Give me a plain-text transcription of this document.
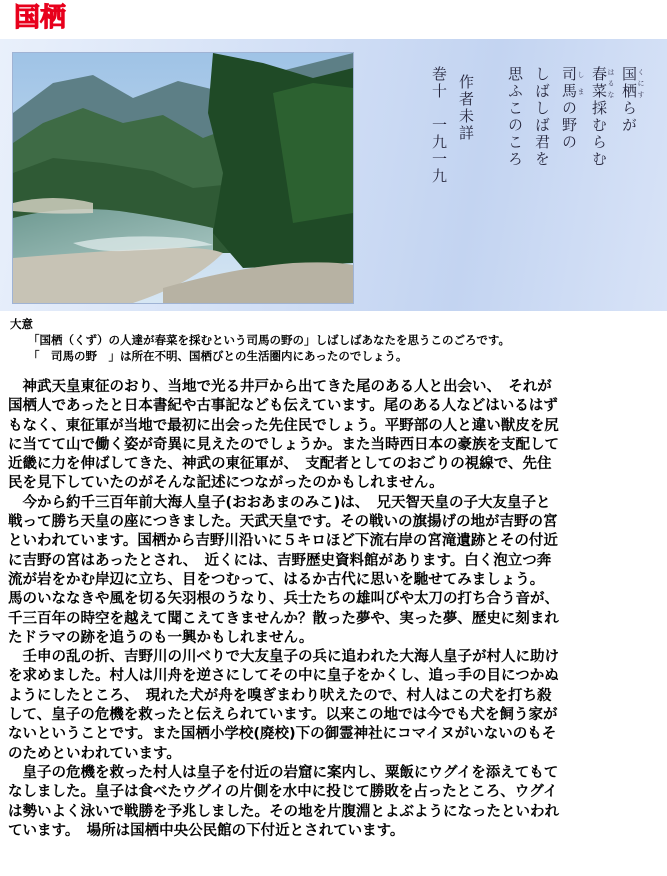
国栖
国栖 くにすらが
春菜 はるな採むらむ
司馬 しまの野の
しばしば君を
思ふこのころ
作者未詳
巻十　一九一九
大意
「国栖（くず）の人達が春菜を採むという司馬の野の」しばしばあなたを思うこのごろです。
「　司馬の野　」は所在不明、国栖びとの生活圏内にあったのでしょう。

　神武天皇東征のおり、当地で光る井戸から出てきた尾のある人と出会い、　それが
国栖人であったと日本書紀や古事記なども伝えています。尾のある人などはいるはず
もなく、東征軍が当地で最初に出会った先住民でしょう。平野部の人と違い獣皮を尻
に当てて山で働く姿が奇異に見えたのでしょうか。また当時西日本の豪族を支配して
近畿に力を伸ばしてきた、神武の東征軍が、　支配者としてのおごりの視線で、先住
民を見下していたのがそんな記述につながったのかもしれません。

　今から約千三百年前大海人皇子(おおあまのみこ)は、　兄天智天皇の子大友皇子と
戦って勝ち天皇の座につきました。天武天皇です。その戦いの旗揚げの地が吉野の宮
といわれています。国栖から吉野川沿いに５キロほど下流右岸の宮滝遺跡とその付近
に吉野の宮はあったとされ、　近くには、吉野歴史資料館があります。白く泡立つ奔
流が岩をかむ岸辺に立ち、目をつむって、はるか古代に思いを馳せてみましょう。
馬のいななきや風を切る矢羽根のうなり、兵士たちの雄叫びや太刀の打ち合う音が、
千三百年の時空を越えて聞こえてきませんか？散った夢や、実った夢、歴史に刻まれ
たドラマの跡を追うのも一興かもしれません。

　壬申の乱の折、吉野川の川べりで大友皇子の兵に追われた大海人皇子が村人に助け
を求めました。村人は川舟を逆さにしてその中に皇子をかくし、追っ手の目につかぬ
ようにしたところ、　現れた犬が舟を嗅ぎまわり吠えたので、村人はこの犬を打ち殺
して、皇子の危機を救ったと伝えられています。以来この地では今でも犬を飼う家が
ないということです。また国栖小学校(廃校)下の御霊神社にコマイヌがいないのもそ
のためといわれています。

　皇子の危機を救った村人は皇子を付近の岩窟に案内し、粟飯にウグイを添えてもて
なしました。皇子は食べたウグイの片側を水中に投じて勝敗を占ったところ、ウグイ
は勢いよく泳いで戦勝を予兆しました。その地を片腹淵とよぶようになったといわれ
ています。　場所は国栖中央公民館の下付近とされています。
